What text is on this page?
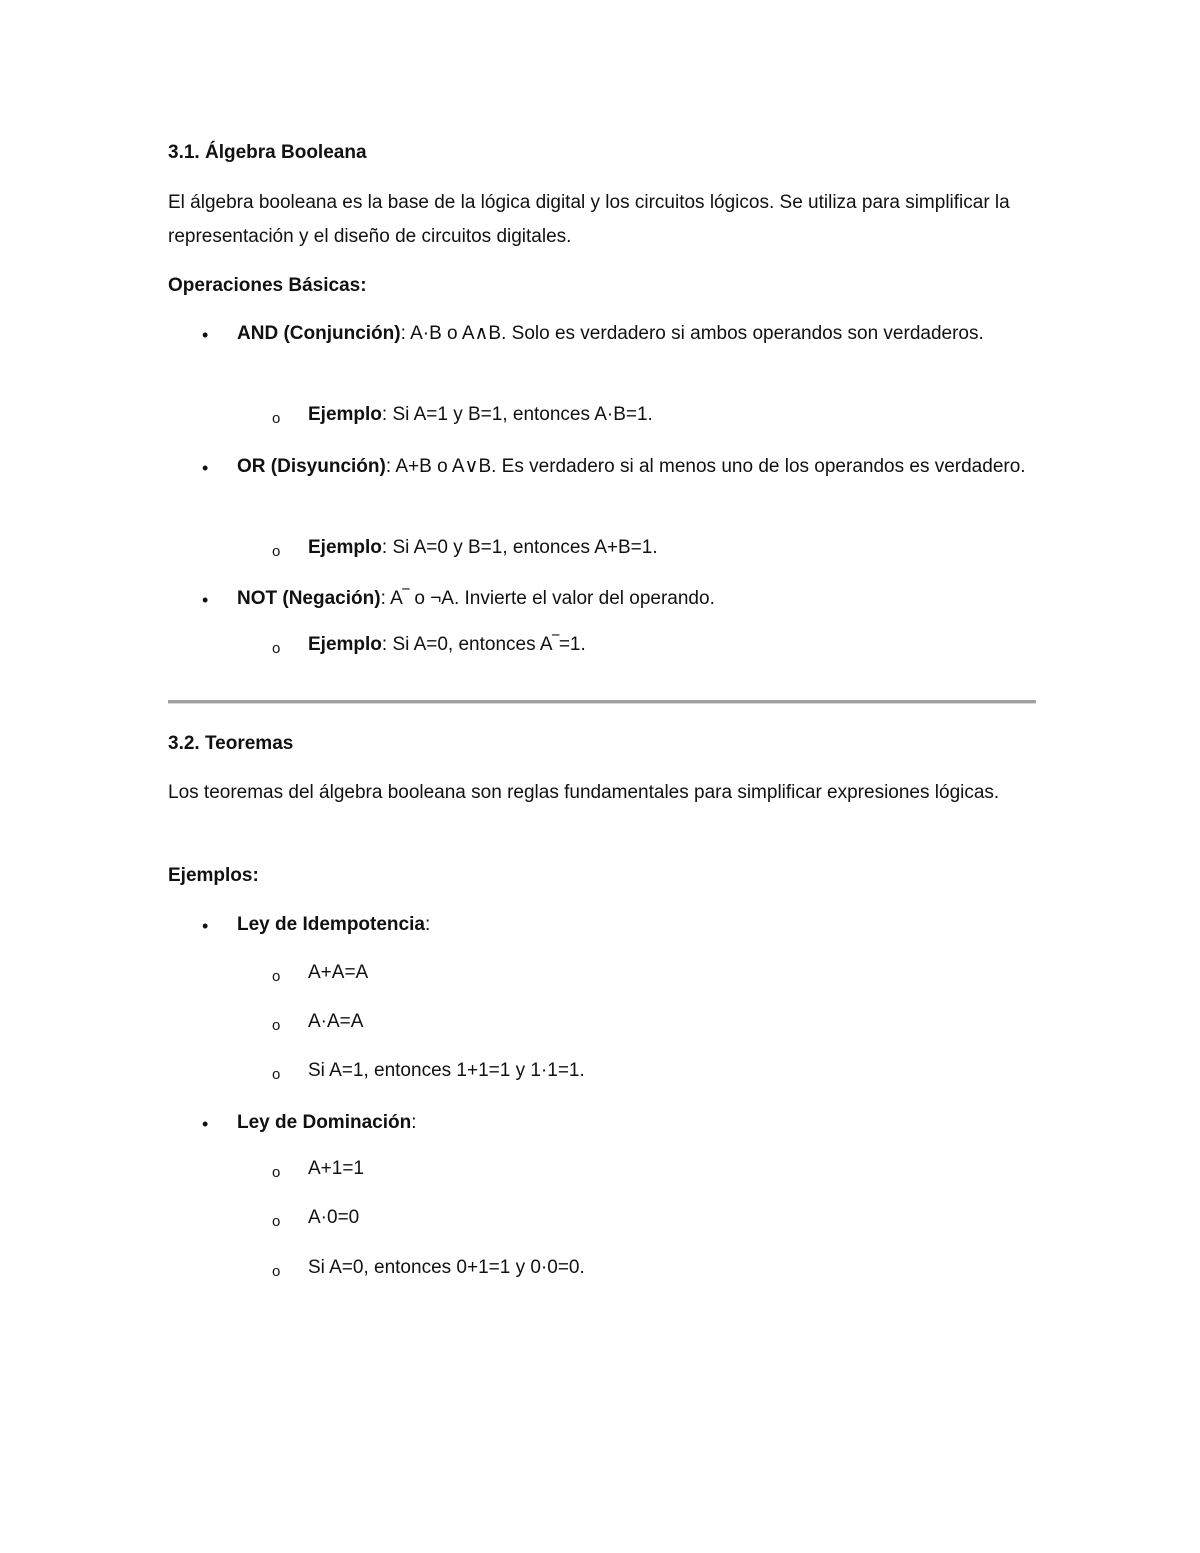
3.1. Álgebra Booleana
El álgebra booleana es la base de la lógica digital y los circuitos lógicos. Se utiliza para simplificar la representación y el diseño de circuitos digitales.
Operaciones Básicas:
• AND (Conjunción): A·B o A∧B. Solo es verdadero si ambos operandos son verdaderos.
o Ejemplo: Si A=1 y B=1, entonces A·B=1.
• OR (Disyunción): A+B o A∨B. Es verdadero si al menos uno de los operandos es verdadero.
o Ejemplo: Si A=0 y B=1, entonces A+B=1.
• NOT (Negación): A‾ o ¬A. Invierte el valor del operando.
o Ejemplo: Si A=0, entonces A‾=1.
3.2. Teoremas
Los teoremas del álgebra booleana son reglas fundamentales para simplificar expresiones lógicas.
Ejemplos:
• Ley de Idempotencia:
o A+A=A
o A·A=A
o Si A=1, entonces 1+1=1 y 1·1=1.
• Ley de Dominación:
o A+1=1
o A·0=0
o Si A=0, entonces 0+1=1 y 0·0=0.
